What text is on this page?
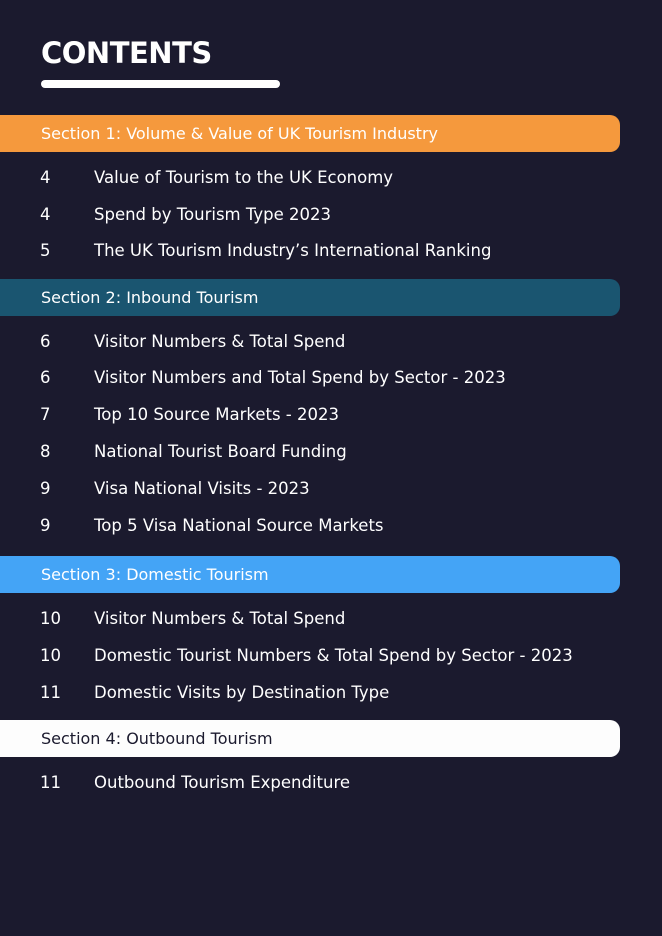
CONTENTS
Section 1: Volume & Value of UK Tourism Industry
4	Value of Tourism to the UK Economy
4	Spend by Tourism Type 2023
5	The UK Tourism Industry’s International Ranking
Section 2: Inbound Tourism
6	Visitor Numbers & Total Spend
6	Visitor Numbers and Total Spend by Sector - 2023
7	Top 10 Source Markets - 2023
8	National Tourist Board Funding
9	Visa National Visits - 2023
9	Top 5 Visa National Source Markets
Section 3: Domestic Tourism
10 Visitor Numbers & Total Spend
10 Domestic Tourist Numbers & Total Spend by Sector - 2023
11 Domestic Visits by Destination Type
Section 4: Outbound Tourism
11 Outbound Tourism Expenditure
